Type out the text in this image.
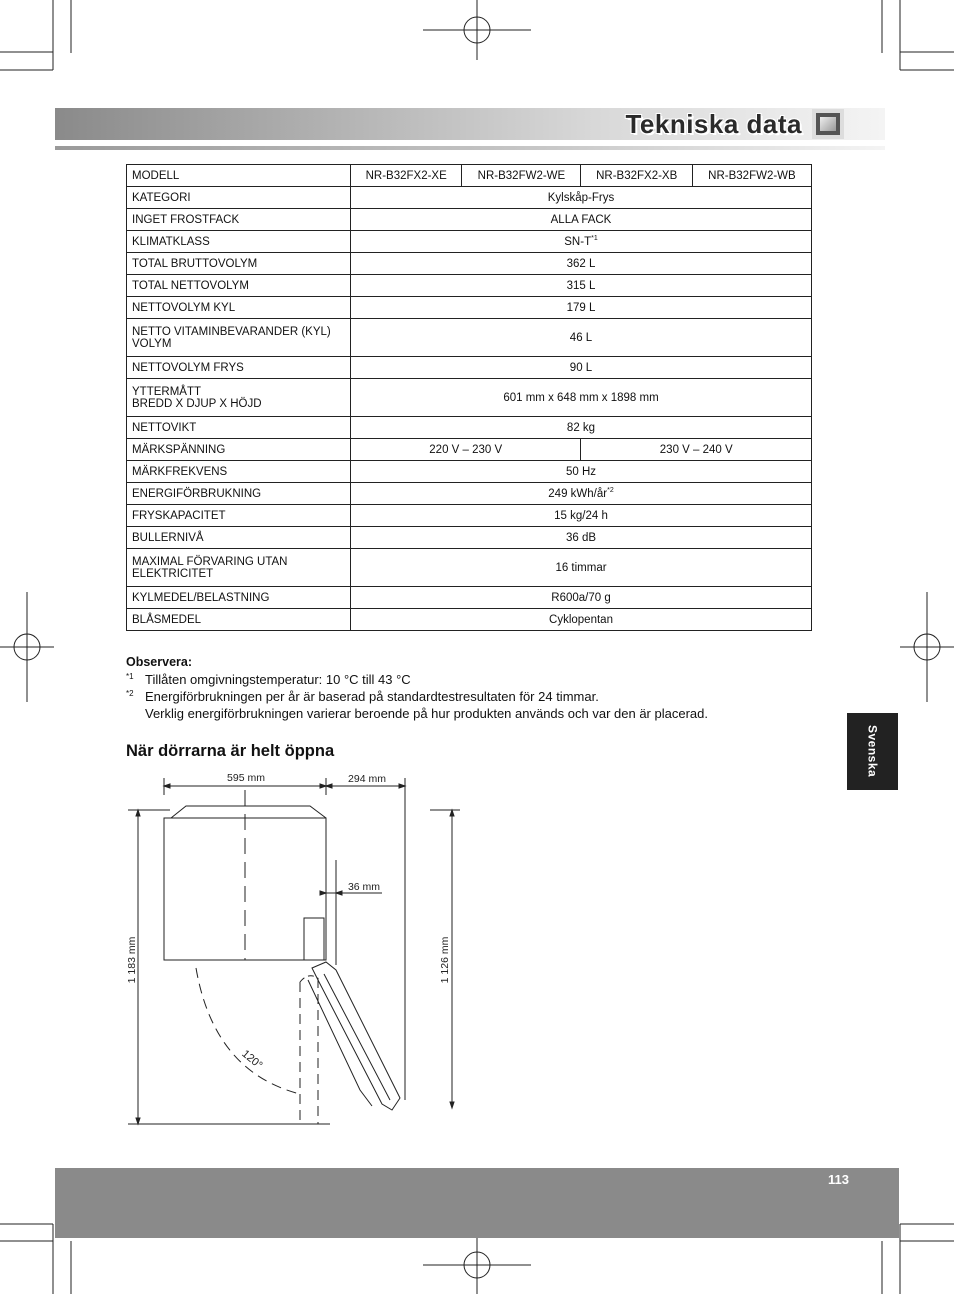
Tekniska data
MODELL	NR-B32FX2-XE	NR-B32FW2-WE	NR-B32FX2-XB	NR-B32FW2-WB
KATEGORI	Kylskåp-Frys			
INGET FROSTFACK	ALLA FACK			
KLIMATKLASS	SN-T$^{*1}$
TOTAL BRUTTOVOLYM	362 L			
TOTAL NETTOVOLYM	315 L			
NETTOVOLYM KYL	179 L			

NETTO VITAMINBEVARANDER (KYL)
VOLYM	46 L			
NETTOVOLYM FRYS	90 L			

YTTERMÅTT
BREDD X DJUP X HÖJD	601 mm x 648 mm x 1898 mm			
NETTOVIKT	82 kg			
MÄRKSPÄNNING	220 V – 230 V		230 V – 240 V	
MÄRKFREKVENS	50 Hz			
ENERGIFÖRBRUKNING	249 kWh/år$^{*2}$
FRYSKAPACITET	15 kg/24 h			
BULLERNIVÅ	36 dB			

MAXIMAL FÖRVARING UTAN
ELEKTRICITET	16 timmar			
KYLMEDEL/BELASTNING	R600a/70 g			
BLÅSMEDEL	Cyklopentan			
Observera:
*1 Tillåten omgivningstemperatur: 10 °C till 43 °C
*2 Energiförbrukningen per år är baserad på standardtestresultaten för 24 timmar.
Verklig energiförbrukningen varierar beroende på hur produkten används och var den är placerad.
När dörrarna är helt öppna
595 mm	294 mm
36 mm
1 183 mm	1 126 mm
120°
Svenska
113
